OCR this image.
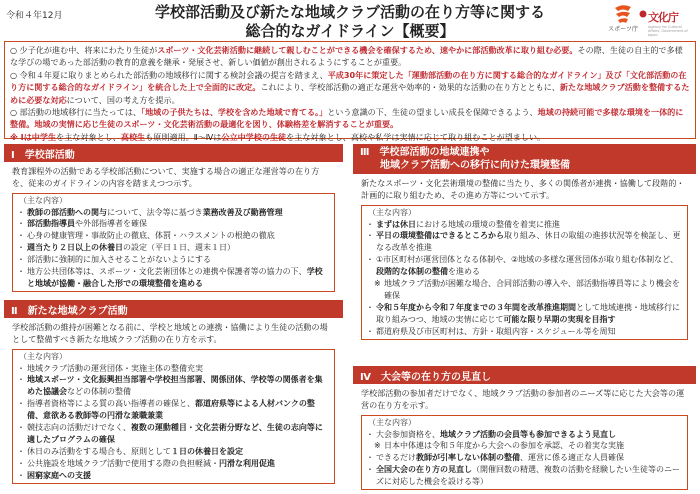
令和４年12月	学校部活動及び新たな地域クラブ活動の在り方等に関する
総合的なガイドライン【概要】	スポーツ庁
文化庁
Agency for Cultural Affairs, Government of Japan

○ 少子化が進む中、将来にわたり生徒がスポーツ・文化芸術活動に継続して親しむことができる機会を確保するため、速やかに部活動改革に取り組む必要。その際、生徒の自主的で多様な学びの場であった部活動の教育的意義を継承・発展させ、新しい価値が創出されるようにすることが重要。

○ 令和４年夏に取りまとめられた部活動の地域移行に関する検討会議の提言を踏まえ、平成30年に策定した「運動部活動の在り方に関する総合的なガイドライン」及び「文化部活動の在り方に関する総合的なガイドライン」を統合した上で全面的に改定。これにより、学校部活動の適正な運営や効率的・効果的な活動の在り方とともに、新たな地域クラブ活動を整備するために必要な対応について、国の考え方を提示。

○ 部活動の地域移行に当たっては、「地域の子供たちは、学校を含めた地域で育てる。」という意識の下、生徒の望ましい成長を保障できるよう、地域の持続可能で多様な環境を一体的に整備。地域の実情に応じ生徒のスポーツ・文化芸術活動の最適化を図り、体験格差を解消することが重要。

※ Ⅰは中学生を主な対象とし、高校生も原則適用。Ⅱ～Ⅳは公立中学校の生徒を主な対象とし、高校や私学は実情に応じて取り組むことが望ましい。

Ⅰ　学校部活動
教育課程外の活動である学校部活動について、実施する場合の適正な運営等の在り方を、従来のガイドラインの内容を踏まえつつ示す。
（主な内容）
・ 教師の部活動への関与について、法令等に基づき業務改善及び勤務管理
・ 部活動指導員や外部指導者を確保
・ 心身の健康管理・事故防止の徹底、体罰・ハラスメントの根絶の徹底
・ 週当たり２日以上の休養日の設定（平日１日、週末１日）
・ 部活動に強制的に加入させることがないようにする
・ 地方公共団体等は、スポーツ・文化芸術団体との連携や保護者等の協力の下、学校と地域が協働・融合した形での環境整備を進める
Ⅱ　新たな地域クラブ活動
学校部活動の維持が困難となる前に、学校と地域との連携・協働により生徒の活動の場として整備すべき新たな地域クラブ活動の在り方を示す。
（主な内容）
・ 地域クラブ活動の運営団体・実施主体の整備充実
・ 地域スポーツ・文化振興担当部署や学校担当部署、関係団体、学校等の関係者を集めた協議会などの体制の整備
・ 指導者資格等による質の高い指導者の確保と、都道府県等による人材バンクの整備、意欲ある教師等の円滑な兼職兼業
・ 競技志向の活動だけでなく、複数の運動種目・文化芸術分野など、生徒の志向等に適したプログラムの確保
・ 休日のみ活動をする場合も、原則として１日の休養日を設定
・ 公共施設を地域クラブ活動で使用する際の負担軽減・円滑な利用促進
・ 困窮家庭への支援
Ⅲ　学校部活動の地域連携や
地域クラブ活動への移行に向けた環境整備
新たなスポーツ・文化芸術環境の整備に当たり、多くの関係者が連携・協働して段階的・計画的に取り組むため、その進め方等について示す。
（主な内容）
・ まずは休日における地域の環境の整備を着実に推進
・ 平日の環境整備はできるところから取り組み、休日の取組の進捗状況等を検証し、更なる改革を推進
・ ①市区町村が運営団体となる体制や、②地域の多様な運営団体が取り組む体制など、段階的な体制の整備を進める
※ 地域クラブ活動が困難な場合、合同部活動の導入や、部活動指導員等により機会を確保
・ 令和５年度から令和７年度までの３年間を改革推進期間として地域連携・地域移行に取り組みつつ、地域の実情に応じて可能な限り早期の実現を目指す
・ 都道府県及び市区町村は、方針・取組内容・スケジュール等を周知
Ⅳ　大会等の在り方の見直し
学校部活動の参加者だけでなく、地域クラブ活動の参加者のニーズ等に応じた大会等の運営の在り方を示す。
（主な内容）
・ 大会参加資格を、地域クラブ活動の会員等も参加できるよう見直し
※ 日本中体連は令和５年度から大会への参加を承認、その着実な実施
・ できるだけ教師が引率しない体制の整備、運営に係る適正な人員確保
・ 全国大会の在り方の見直し（開催回数の精選、複数の活動を経験したい生徒等のニーズに対応した機会を設ける等）
